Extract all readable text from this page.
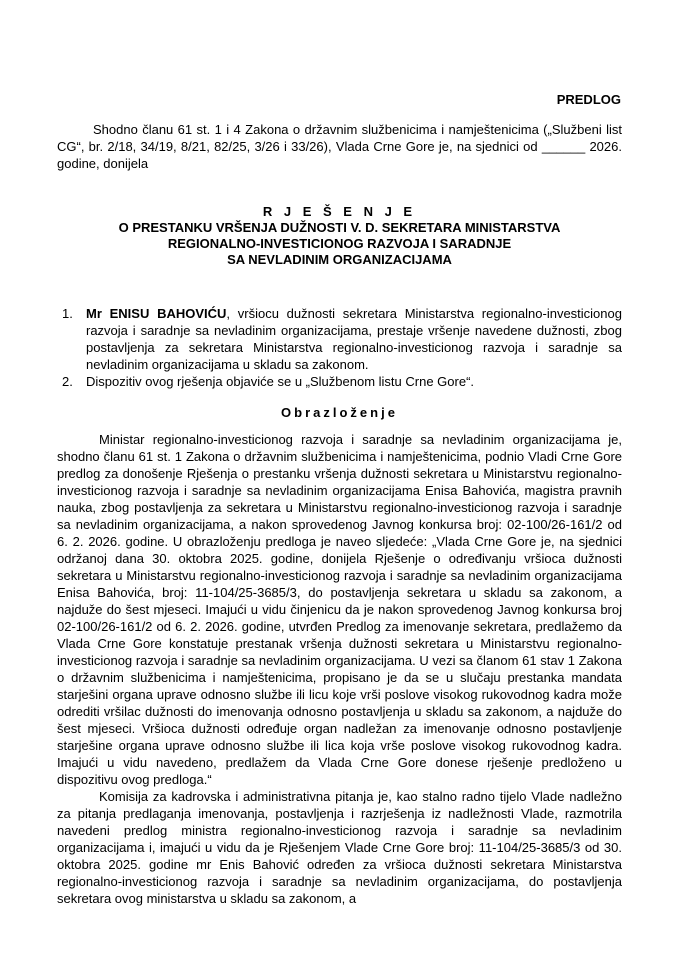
PREDLOG
Shodno članu 61 st. 1 i 4 Zakona o državnim službenicima i namještenicima („Službeni list CG“, br. 2/18, 34/19, 8/21, 82/25, 3/26 i 33/26), Vlada Crne Gore je, na sjednici od ______ 2026. godine, donijela
R J E Š E N J E
O PRESTANKU VRŠENJA DUŽNOSTI V. D. SEKRETARA MINISTARSTVA
REGIONALNO-INVESTICIONOG RAZVOJA I SARADNJE
SA NEVLADINIM ORGANIZACIJAMA
1. Mr ENISU BAHOVIĆU, vršiocu dužnosti sekretara Ministarstva regionalno-investicionog razvoja i saradnje sa nevladinim organizacijama, prestaje vršenje navedene dužnosti, zbog postavljenja za sekretara Ministarstva regionalno-investicionog razvoja i saradnje sa nevladinim organizacijama u skladu sa zakonom.
2. Dispozitiv ovog rješenja objaviće se u „Službenom listu Crne Gore“.
Obrazloženje

Ministar regionalno-investicionog razvoja i saradnje sa nevladinim organizacijama je, shodno članu 61 st. 1 Zakona o državnim službenicima i namještenicima, podnio Vladi Crne Gore predlog za donošenje Rješenja o prestanku vršenja dužnosti sekretara u Ministarstvu regionalno-investicionog razvoja i saradnje sa nevladinim organizacijama Enisa Bahovića, magistra pravnih nauka, zbog postavljenja za sekretara u Ministarstvu regionalno-investicionog razvoja i saradnje sa nevladinim organizacijama, a nakon sprovedenog Javnog konkursa broj: 02-100/26-161/2 od 6. 2. 2026. godine. U obrazloženju predloga je naveo sljedeće: „Vlada Crne Gore je, na sjednici održanoj dana 30. oktobra 2025. godine, donijela Rješenje o određivanju vršioca dužnosti sekretara u Ministarstvu regionalno-investicionog razvoja i saradnje sa nevladinim organizacijama Enisa Bahovića, broj: 11-104/25-3685/3, do postavljenja sekretara u skladu sa zakonom, a najduže do šest mjeseci. Imajući u vidu činjenicu da je nakon sprovedenog Javnog konkursa broj 02-100/26-161/2 od 6. 2. 2026. godine, utvrđen Predlog za imenovanje sekretara, predlažemo da Vlada Crne Gore konstatuje prestanak vršenja dužnosti sekretara u Ministarstvu regionalno-investicionog razvoja i saradnje sa nevladinim organizacijama. U vezi sa članom 61 stav 1 Zakona o državnim službenicima i namještenicima, propisano je da se u slučaju prestanka mandata starješini organa uprave odnosno službe ili licu koje vrši poslove visokog rukovodnog kadra može odrediti vršilac dužnosti do imenovanja odnosno postavljenja u skladu sa zakonom, a najduže do šest mjeseci. Vršioca dužnosti određuje organ nadležan za imenovanje odnosno postavljenje starješine organa uprave odnosno službe ili lica koja vrše poslove visokog rukovodnog kadra. Imajući u vidu navedeno, predlažem da Vlada Crne Gore donese rješenje predloženo u dispozitivu ovog predloga.“

Komisija za kadrovska i administrativna pitanja je, kao stalno radno tijelo Vlade nadležno za pitanja predlaganja imenovanja, postavljenja i razrješenja iz nadležnosti Vlade, razmotrila navedeni predlog ministra regionalno-investicionog razvoja i saradnje sa nevladinim organizacijama i, imajući u vidu da je Rješenjem Vlade Crne Gore broj: 11-104/25-3685/3 od 30. oktobra 2025. godine mr Enis Bahović određen za vršioca dužnosti sekretara Ministarstva regionalno-investicionog razvoja i saradnje sa nevladinim organizacijama, do postavljenja sekretara ovog ministarstva u skladu sa zakonom, a
